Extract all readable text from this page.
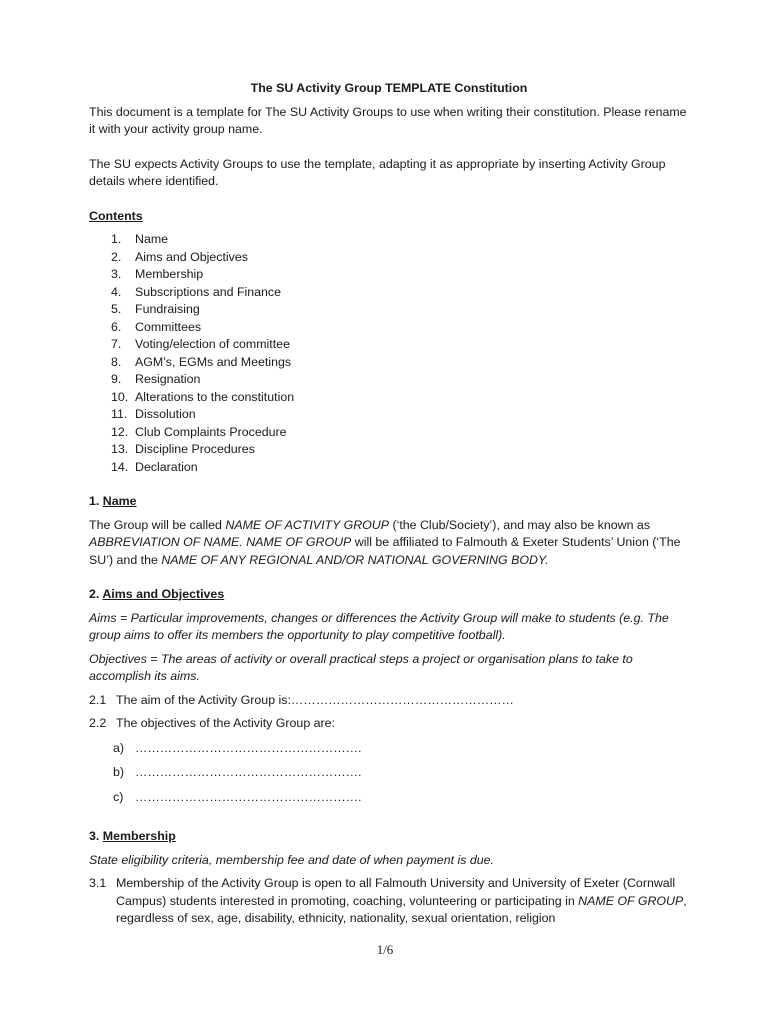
The SU Activity Group TEMPLATE Constitution

This document is a template for The SU Activity Groups to use when writing their constitution. Please rename it with your activity group name.

The SU expects Activity Groups to use the template, adapting it as appropriate by inserting Activity Group details where identified.

Contents

1.	Name
2.	Aims and Objectives
3.	Membership
4.	Subscriptions and Finance
5.	Fundraising
6.	Committees
7.	Voting/election of committee
8.	AGM’s, EGMs and Meetings
9.	Resignation
10. Alterations to the constitution
11. Dissolution
12. Club Complaints Procedure
13. Discipline Procedures
14. Declaration

1. Name

The Group will be called NAME OF ACTIVITY GROUP (‘the Club/Society’), and may also be known as ABBREVIATION OF NAME. NAME OF GROUP will be affiliated to Falmouth & Exeter Students’ Union (‘The SU’) and the NAME OF ANY REGIONAL AND/OR NATIONAL GOVERNING BODY.

2. Aims and Objectives

Aims = Particular improvements, changes or differences the Activity Group will make to students (e.g. The group aims to offer its members the opportunity to play competitive football).

Objectives = The areas of activity or overall practical steps a project or organisation plans to take to accomplish its aims.

2.1 The aim of the Activity Group is:………………………………………………
2.2 The objectives of the Activity Group are:
a) ……………………………………………….
b) ……………………………………………….
c) ……………………………………………….

3. Membership

State eligibility criteria, membership fee and date of when payment is due.

3.1 Membership of the Activity Group is open to all Falmouth University and University of Exeter (Cornwall Campus) students interested in promoting, coaching, volunteering or participating in NAME OF GROUP, regardless of sex, age, disability, ethnicity, nationality, sexual orientation, religion
1/6
